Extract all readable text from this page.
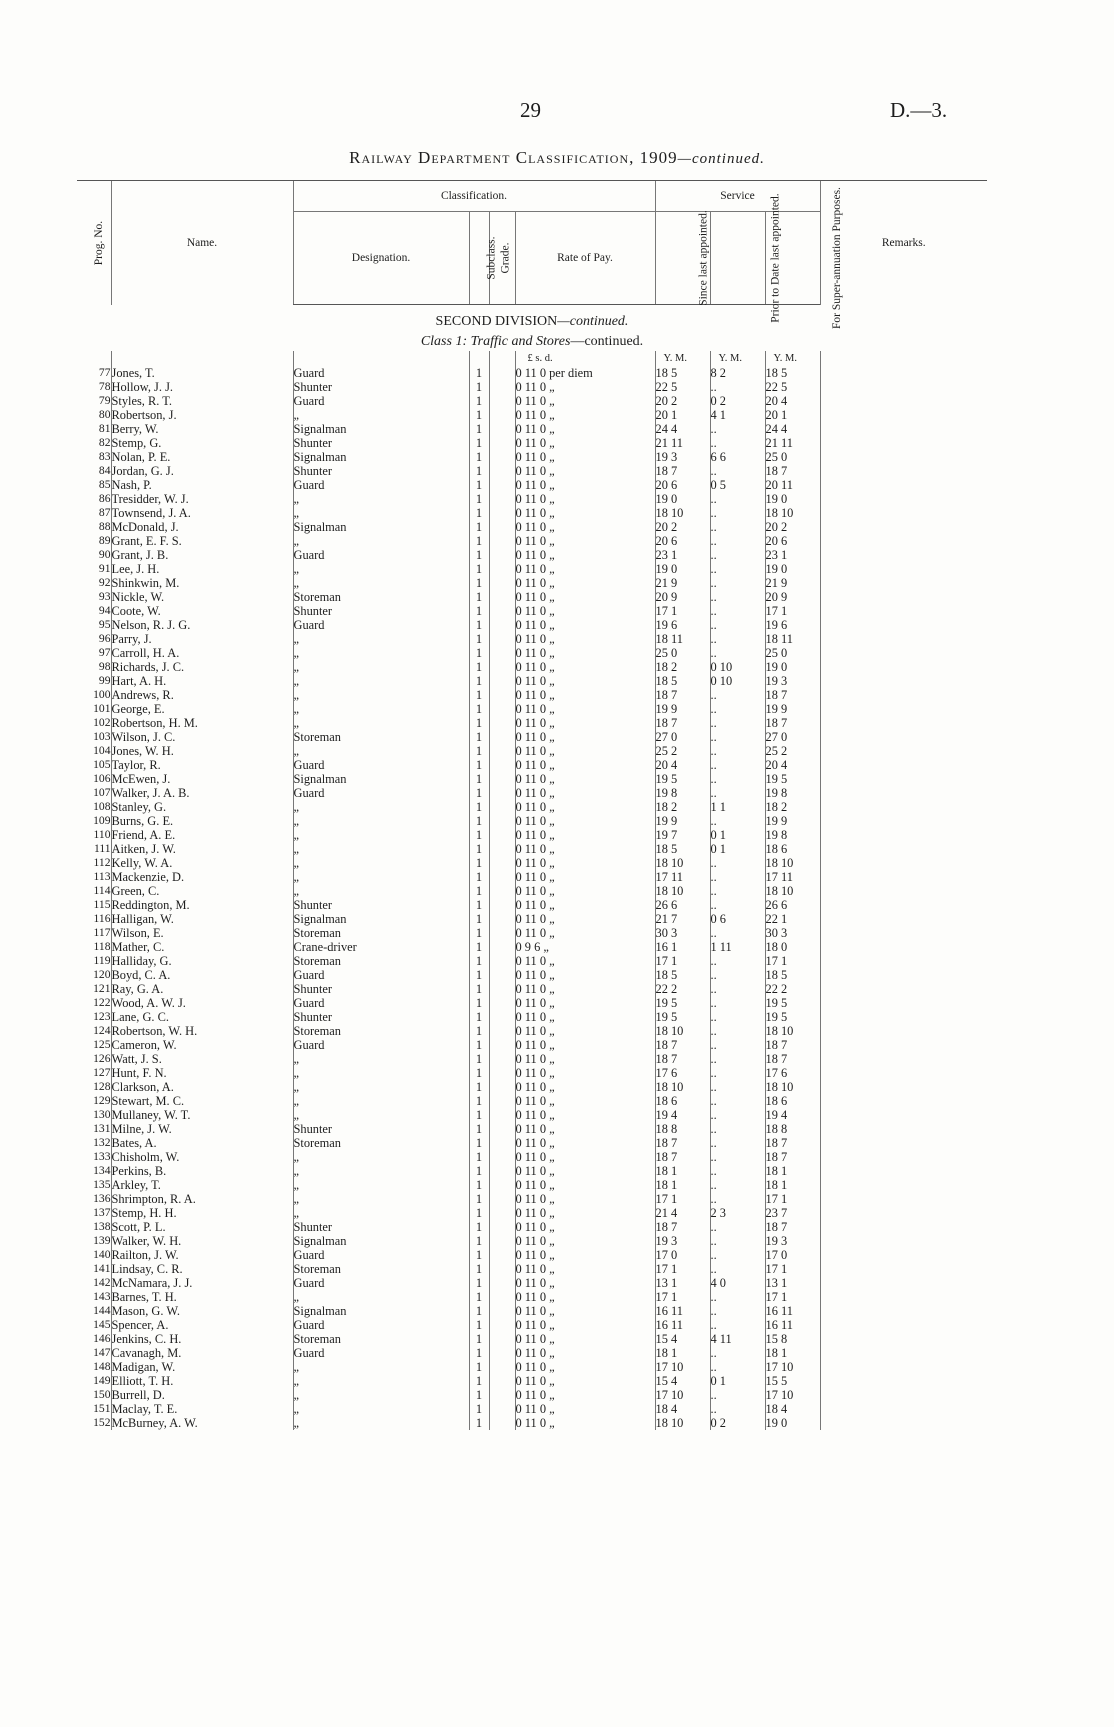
29	D.—3.
Railway Department Classification, 1909—continued.
Prog. No.	Name.	Classification.				Service			Remarks.
		Designation.	Subclass.	Grade.	Rate of Pay.	Since last appointed.	Prior to Date last appointed.	For Super-annuation Purposes.	
SECOND DIVISION—continued.									
Class 1: Traffic and Stores—continued.									
					£ s. d.	Y. M.	Y. M.	Y. M.	
77	Jones, T.	Guard	1		0 11 0 per diem	18 5	8 2	18 5	
78	Hollow, J. J.	Shunter	1		0 11 0 „	22 5	..	22 5	
79	Styles, R. T.	Guard	1		0 11 0 „	20 2	0 2	20 4	
80	Robertson, J.	„	1		0 11 0 „	20 1	4 1	20 1	
81	Berry, W.	Signalman	1		0 11 0 „	24 4	..	24 4	
82	Stemp, G.	Shunter	1		0 11 0 „	21 11	..	21 11	
83	Nolan, P. E.	Signalman	1		0 11 0 „	19 3	6 6	25 0	
84	Jordan, G. J.	Shunter	1		0 11 0 „	18 7	..	18 7	
85	Nash, P.	Guard	1		0 11 0 „	20 6	0 5	20 11	
86	Tresidder, W. J.	„	1		0 11 0 „	19 0	..	19 0	
87	Townsend, J. A.	„	1		0 11 0 „	18 10	..	18 10	
88	McDonald, J.	Signalman	1		0 11 0 „	20 2	..	20 2	
89	Grant, E. F. S.	„	1		0 11 0 „	20 6	..	20 6	
90	Grant, J. B.	Guard	1		0 11 0 „	23 1	..	23 1	
91	Lee, J. H.	„	1		0 11 0 „	19 0	..	19 0	
92	Shinkwin, M.	„	1		0 11 0 „	21 9	..	21 9	
93	Nickle, W.	Storeman	1		0 11 0 „	20 9	..	20 9	
94	Coote, W.	Shunter	1		0 11 0 „	17 1	..	17 1	
95	Nelson, R. J. G.	Guard	1		0 11 0 „	19 6	..	19 6	
96	Parry, J.	„	1		0 11 0 „	18 11	..	18 11	
97	Carroll, H. A.	„	1		0 11 0 „	25 0	..	25 0	
98	Richards, J. C.	„	1		0 11 0 „	18 2	0 10	19 0	
99	Hart, A. H.	„	1		0 11 0 „	18 5	0 10	19 3	
100	Andrews, R.	„	1		0 11 0 „	18 7	..	18 7	
101	George, E.	„	1		0 11 0 „	19 9	..	19 9	
102	Robertson, H. M.	„	1		0 11 0 „	18 7	..	18 7	
103	Wilson, J. C.	Storeman	1		0 11 0 „	27 0	..	27 0	
104	Jones, W. H.	„	1		0 11 0 „	25 2	..	25 2	
105	Taylor, R.	Guard	1		0 11 0 „	20 4	..	20 4	
106	McEwen, J.	Signalman	1		0 11 0 „	19 5	..	19 5	
107	Walker, J. A. B.	Guard	1		0 11 0 „	19 8	..	19 8	
108	Stanley, G.	„	1		0 11 0 „	18 2	1 1	18 2	
109	Burns, G. E.	„	1		0 11 0 „	19 9	..	19 9	
110	Friend, A. E.	„	1		0 11 0 „	19 7	0 1	19 8	
111	Aitken, J. W.	„	1		0 11 0 „	18 5	0 1	18 6	
112	Kelly, W. A.	„	1		0 11 0 „	18 10	..	18 10	
113	Mackenzie, D.	„	1		0 11 0 „	17 11	..	17 11	
114	Green, C.	„	1		0 11 0 „	18 10	..	18 10	
115	Reddington, M.	Shunter	1		0 11 0 „	26 6	..	26 6	
116	Halligan, W.	Signalman	1		0 11 0 „	21 7	0 6	22 1	
117	Wilson, E.	Storeman	1		0 11 0 „	30 3	..	30 3	
118	Mather, C.	Crane-driver	1		0 9 6 „	16 1	1 11	18 0	
119	Halliday, G.	Storeman	1		0 11 0 „	17 1	..	17 1	
120	Boyd, C. A.	Guard	1		0 11 0 „	18 5	..	18 5	
121	Ray, G. A.	Shunter	1		0 11 0 „	22 2	..	22 2	
122	Wood, A. W. J.	Guard	1		0 11 0 „	19 5	..	19 5	
123	Lane, G. C.	Shunter	1		0 11 0 „	19 5	..	19 5	
124	Robertson, W. H.	Storeman	1		0 11 0 „	18 10	..	18 10	
125	Cameron, W.	Guard	1		0 11 0 „	18 7	..	18 7	
126	Watt, J. S.	„	1		0 11 0 „	18 7	..	18 7	
127	Hunt, F. N.	„	1		0 11 0 „	17 6	..	17 6	
128	Clarkson, A.	„	1		0 11 0 „	18 10	..	18 10	
129	Stewart, M. C.	„	1		0 11 0 „	18 6	..	18 6	
130	Mullaney, W. T.	„	1		0 11 0 „	19 4	..	19 4	
131	Milne, J. W.	Shunter	1		0 11 0 „	18 8	..	18 8	
132	Bates, A.	Storeman	1		0 11 0 „	18 7	..	18 7	
133	Chisholm, W.	„	1		0 11 0 „	18 7	..	18 7	
134	Perkins, B.	„	1		0 11 0 „	18 1	..	18 1	
135	Arkley, T.	„	1		0 11 0 „	18 1	..	18 1	
136	Shrimpton, R. A.	„	1		0 11 0 „	17 1	..	17 1	
137	Stemp, H. H.	„	1		0 11 0 „	21 4	2 3	23 7	
138	Scott, P. L.	Shunter	1		0 11 0 „	18 7	..	18 7	
139	Walker, W. H.	Signalman	1		0 11 0 „	19 3	..	19 3	
140	Railton, J. W.	Guard	1		0 11 0 „	17 0	..	17 0	
141	Lindsay, C. R.	Storeman	1		0 11 0 „	17 1	..	17 1	
142	McNamara, J. J.	Guard	1		0 11 0 „	13 1	4 0	13 1	
143	Barnes, T. H.	„	1		0 11 0 „	17 1	..	17 1	
144	Mason, G. W.	Signalman	1		0 11 0 „	16 11	..	16 11	
145	Spencer, A.	Guard	1		0 11 0 „	16 11	..	16 11	
146	Jenkins, C. H.	Storeman	1		0 11 0 „	15 4	4 11	15 8	
147	Cavanagh, M.	Guard	1		0 11 0 „	18 1	..	18 1	
148	Madigan, W.	„	1		0 11 0 „	17 10	..	17 10	
149	Elliott, T. H.	„	1		0 11 0 „	15 4	0 1	15 5	
150	Burrell, D.	„	1		0 11 0 „	17 10	..	17 10	
151	Maclay, T. E.	„	1		0 11 0 „	18 4	..	18 4	
152	McBurney, A. W.	„	1		0 11 0 „	18 10	0 2	19 0	
